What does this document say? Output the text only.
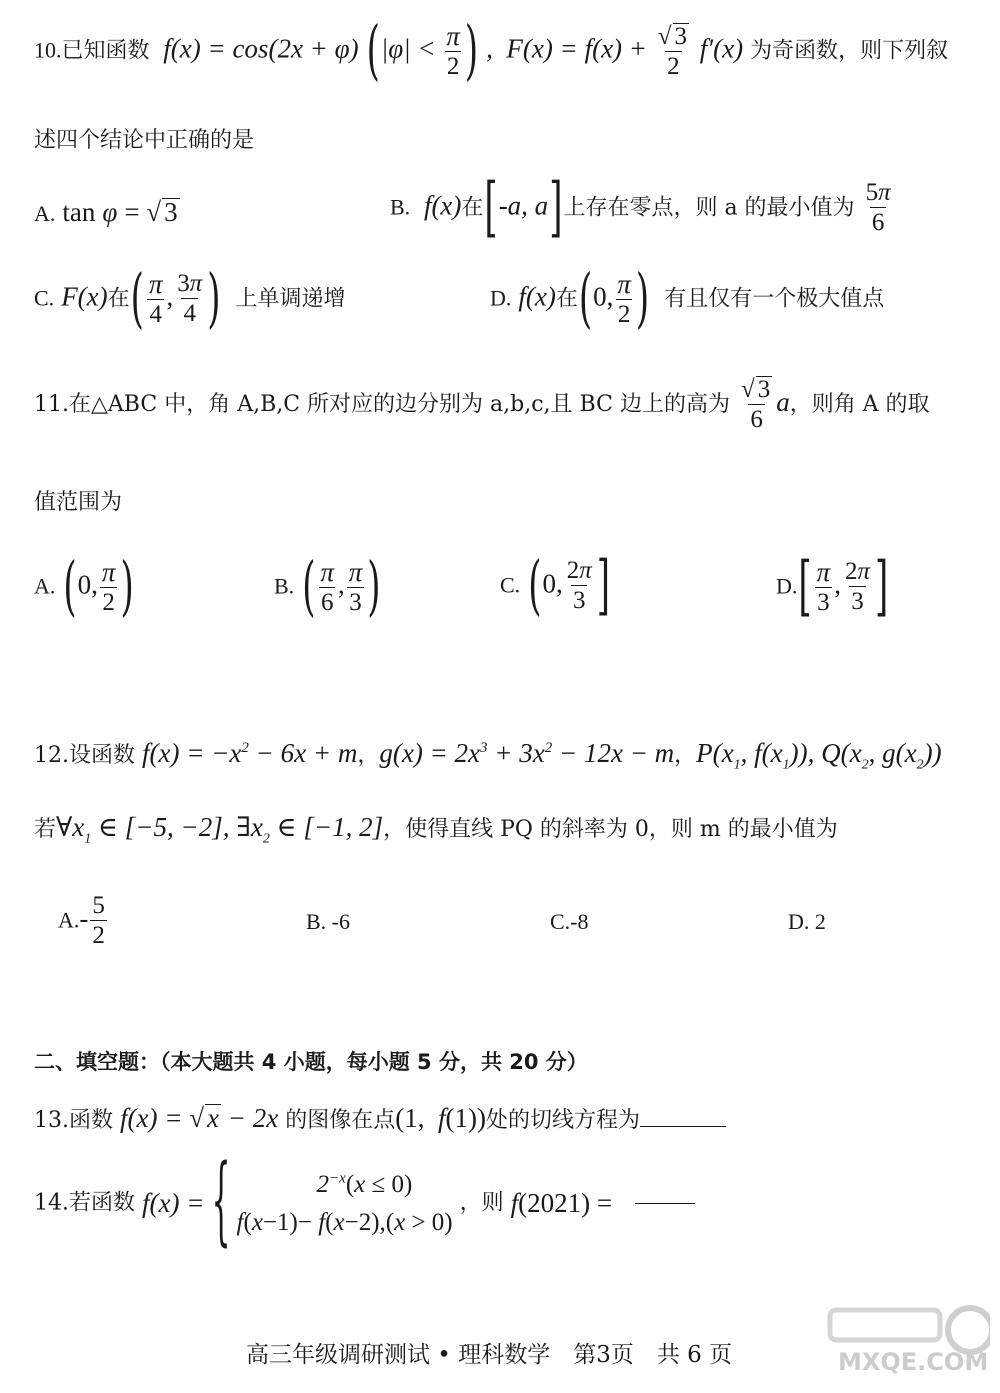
10.已知函数  f(x) = cos(2x + φ) ($|\varphi| < \frac{\pi}{2}$ ) ,  $F(x) = f(x) + \frac{√ 3}{2} f'(x)$ 为奇函数，则下列叙
述四个结论中正确的是
A. tan φ = √ 3	B.  f(x)在[-a, a]上存在零点，则 a 的最小值为 $\frac{5\pi}{6}$
C. F(x)在( $\frac{\pi}{4}$ , $\frac{3\pi}{4}$ ) 上单调递增	D. f(x)在(0, $\frac{\pi}{2}$ ) 有且仅有一个极大值点
11.在△ABC 中，角 A,B,C 所对应的边分别为 a,b,c,且 BC 边上的高为 $\frac{√ 3}{6}$ a，则角 A 的取
值范围为
A. (0, $\frac{\pi}{2}$ )	B. ( $\frac{\pi}{6}$ , $\frac{\pi}{3}$ )	C. (0, $\frac{2\pi}{3}$ ]	$D.[ \frac{\pi}{3}$ , $\frac{2\pi}{3}$ ]
12.设函数 $f(x) = -x^2 - 6x + m$，$g(x) = 2x^3 + 3x^2 - 12x - m$，$P(x_1$, $f(x_1)$), $Q(x_2$, $g(x_2)$)
若$\forall x_1$ ∈ [−5, −2], $\exists x_2$ ∈ [−1, 2]，使得直线 PQ 的斜率为 0，则 m 的最小值为
$A.- \frac{5}{2}$	B. -6	C.-8	D. 2
二、填空题：（本大题共 4 小题，每小题 5 分，共 20 分）
13.函数 f(x) = √ x − 2x 的图像在点(1,  f(1))处的切线方程为
14.若函数 f(x) = {	$2^{-x}(x \le 0)$
f(x−1)− f(x−2),(x > 0)
，则 f(2021) =
高三年级调研测试 • 理科数学　第3页　共 6 页	MXQE.COM
